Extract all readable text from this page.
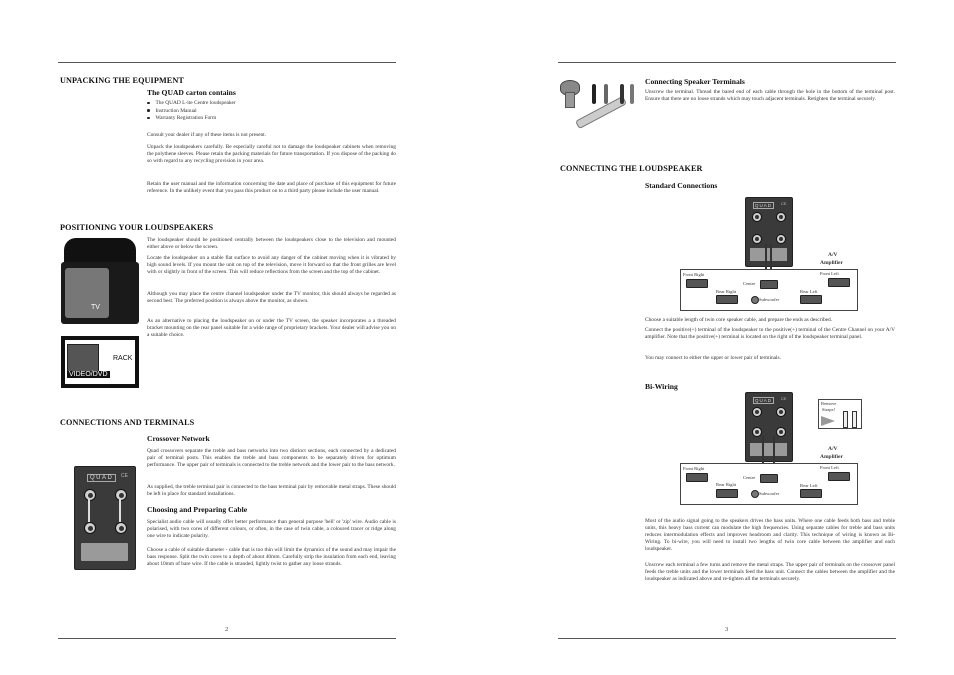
UNPACKING THE EQUIPMENT
The QUAD carton contains
The QUAD L-ite Centre loudspeaker
Instruction Manual
Warranty Registration Form
Consult your dealer if any of these items is not present.
Unpack the loudspeakers carefully. Be especially careful not to damage the loudspeaker cabinets when removing the polythene sleeves. Please retain the packing materials for future transportation. If you dispose of the packing do so with regard to any recycling provision in your area.
Retain the user manual and the information concerning the date and place of purchase of this equipment for future reference. In the unlikely event that you pass this product on to a third party please include the user manual.
POSITIONING YOUR LOUDSPEAKERS
The loudspeaker should be positioned centrally between the loudspeakers close to the television and mounted either above or below the screen.
Locate the loudspeaker on a stable flat surface to avoid any danger of the cabinet moving when it is vibrated by high sound levels. If you mount the unit on top of the television, move it forward so that the front grilles are level with or slightly in front of the screen. This will reduce reflections from the screen and the top of the cabinet.
Although you may place the centre channel loudspeaker under the TV monitor, this should always be regarded as second best. The preferred position is always above the monitor, as shown.
As an alternative to placing the loudspeaker on or under the TV screen, the speaker incorporates a a threaded bracket mounting on the rear panel suitable for a wide range of proprietary brackets. Your dealer will advise you on a suitable choice.
TV
RACK
VIDEO/DVD
CONNECTIONS AND TERMINALS
Crossover Network
Quad crossovers separate the treble and bass networks into two distinct sections, each connected by a dedicated pair of terminal posts. This enables the treble and bass components to be separately driven for optimum performance. The upper pair of terminals is connected to the treble network and the lower pair to the bass network.
As supplied, the treble terminal pair is connected to the bass terminal pair by removable metal straps. These should be left in place for standard installations.
Choosing and Preparing Cable
Specialist audio cable will usually offer better performance than general purpose 'bell' or 'zip' wire. Audio cable is polarised, with two cores of different colours, or often, in the case of twin cable, a coloured tracer or ridge along one wire to indicate polarity.
Choose a cable of suitable diameter - cable that is too thin will limit the dynamics of the sound and may impair the bass response. Split the twin cores to a depth of about 40mm. Carefully strip the insulation from each end, leaving about 10mm of bare wire. If the cable is stranded, lightly twist to gather any loose strands.
QUAD	CE
2
Connecting Speaker Terminals
Unscrew the terminal. Thread the bared end of each cable through the hole in the bottom of the terminal post. Ensure that there are no loose strands which may touch adjacent terminals. Retighten the terminal securely.
CONNECTING THE LOUDSPEAKER
Standard Connections
QUAD	CE
A/V
Amplifier
Front Right	Front Left
Rear Right	Rear Left
Centre
Subwoofer
Choose a suitable length of twin core speaker cable, and prepare the ends as described.
Connect the positive(+) terminal of the loudspeaker to the positive(+) terminal of the Centre Channel on your A/V amplifier. Note that the positive(+) terminal is located on the right of the loudspeaker terminal panel.
You may connect to either the upper or lower pair of terminals.
Bi-Wiring
QUAD	CE
Remove
Straps!
A/V
Amplifier
Front Right	Front Left
Rear Right	Rear Left
Centre
Subwoofer
Most of the audio signal going to the speakers drives the bass units. Where one cable feeds both bass and treble units, this heavy bass current can modulate the high frequencies. Using separate cables for treble and bass units reduces intermodulation effects and improves headroom and clarity. This technique of wiring is known as Bi-Wiring. To bi-wire, you will need to install two lengths of twin core cable between the amplifier and each loudspeaker.
Unscrew each terminal a few turns and remove the metal straps. The upper pair of terminals on the crossover panel feeds the treble units and the lower terminals feed the bass unit. Connect the cables between the amplifier and the loudspeaker as indicated above and re-tighten all the terminals securely.
3
